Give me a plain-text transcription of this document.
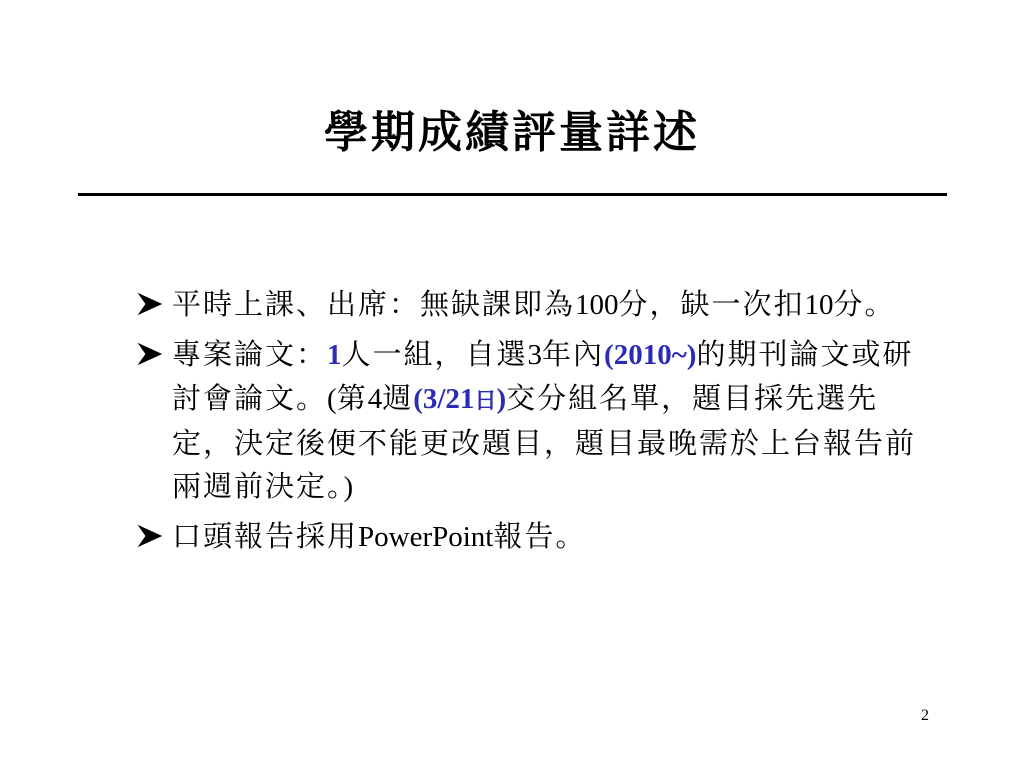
學期成績評量詳述
平時上課、出席：無缺課即為100分，缺一次扣10分。
專案論文：1人一組，自選3年內(2010~)的期刊論文或研討會論文。(第4週(3/21日)交分組名單，題目採先選先定，決定後便不能更改題目，題目最晚需於上台報告前兩週前決定。)
口頭報告採用PowerPoint報告。
2
